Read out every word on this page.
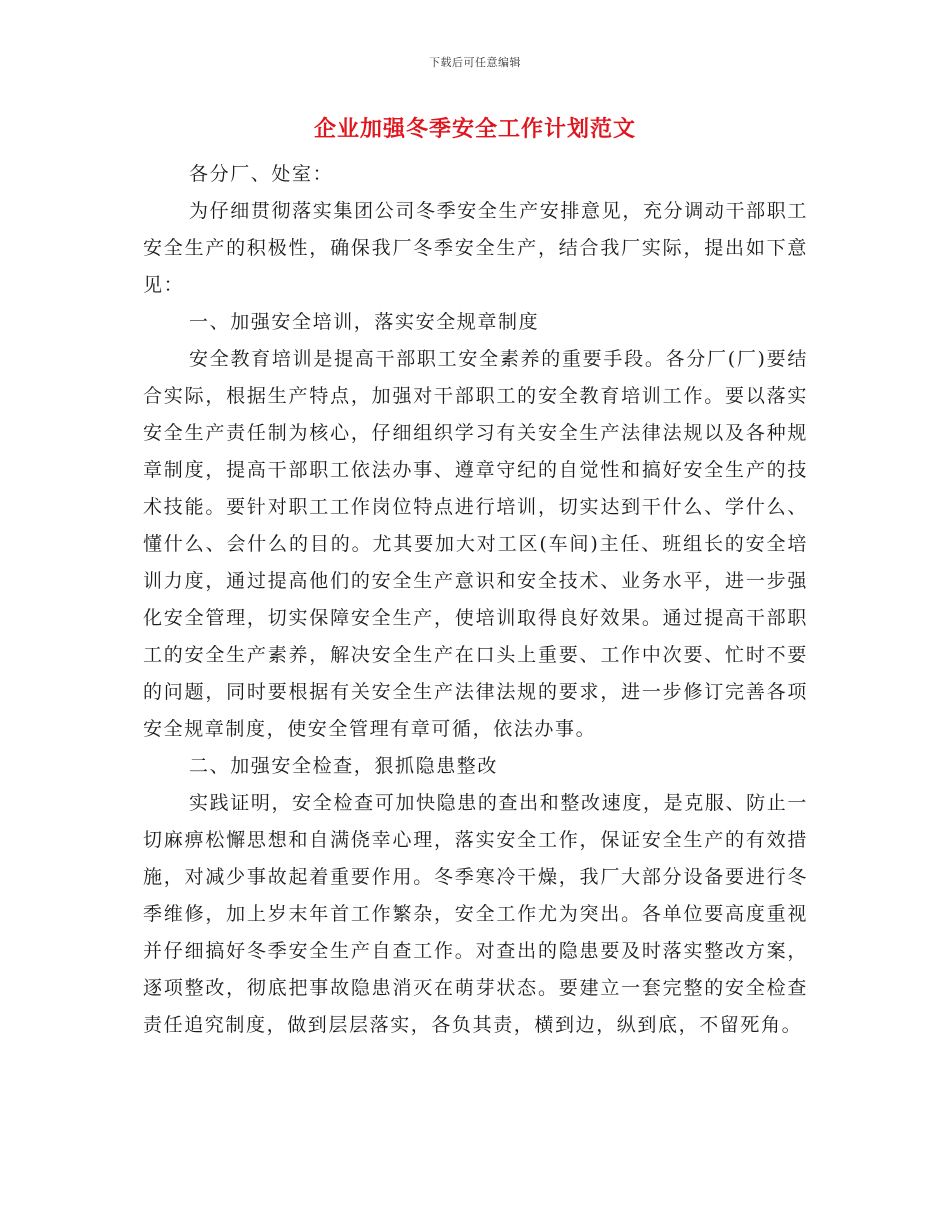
下载后可任意编辑
企业加强冬季安全工作计划范文

各分厂、处室：

为仔细贯彻落实集团公司冬季安全生产安排意见，充分调动干部职工安全生产的积极性，确保我厂冬季安全生产，结合我厂实际，提出如下意见：

一、加强安全培训，落实安全规章制度

安全教育培训是提高干部职工安全素养的重要手段。各分厂(厂)要结合实际，根据生产特点，加强对干部职工的安全教育培训工作。要以落实安全生产责任制为核心，仔细组织学习有关安全生产法律法规以及各种规章制度，提高干部职工依法办事、遵章守纪的自觉性和搞好安全生产的技术技能。要针对职工工作岗位特点进行培训，切实达到干什么、学什么、懂什么、会什么的目的。尤其要加大对工区(车间)主任、班组长的安全培训力度，通过提高他们的安全生产意识和安全技术、业务水平，进一步强化安全管理，切实保障安全生产，使培训取得良好效果。通过提高干部职工的安全生产素养，解决安全生产在口头上重要、工作中次要、忙时不要的问题，同时要根据有关安全生产法律法规的要求，进一步修订完善各项安全规章制度，使安全管理有章可循，依法办事。

二、加强安全检查，狠抓隐患整改

实践证明，安全检查可加快隐患的查出和整改速度，是克服、防止一切麻痹松懈思想和自满侥幸心理，落实安全工作，保证安全生产的有效措施，对减少事故起着重要作用。冬季寒冷干燥，我厂大部分设备要进行冬季维修，加上岁末年首工作繁杂，安全工作尤为突出。各单位要高度重视并仔细搞好冬季安全生产自查工作。对查出的隐患要及时落实整改方案，逐项整改，彻底把事故隐患消灭在萌芽状态。要建立一套完整的安全检查责任追究制度，做到层层落实，各负其责，横到边，纵到底，不留死角。
